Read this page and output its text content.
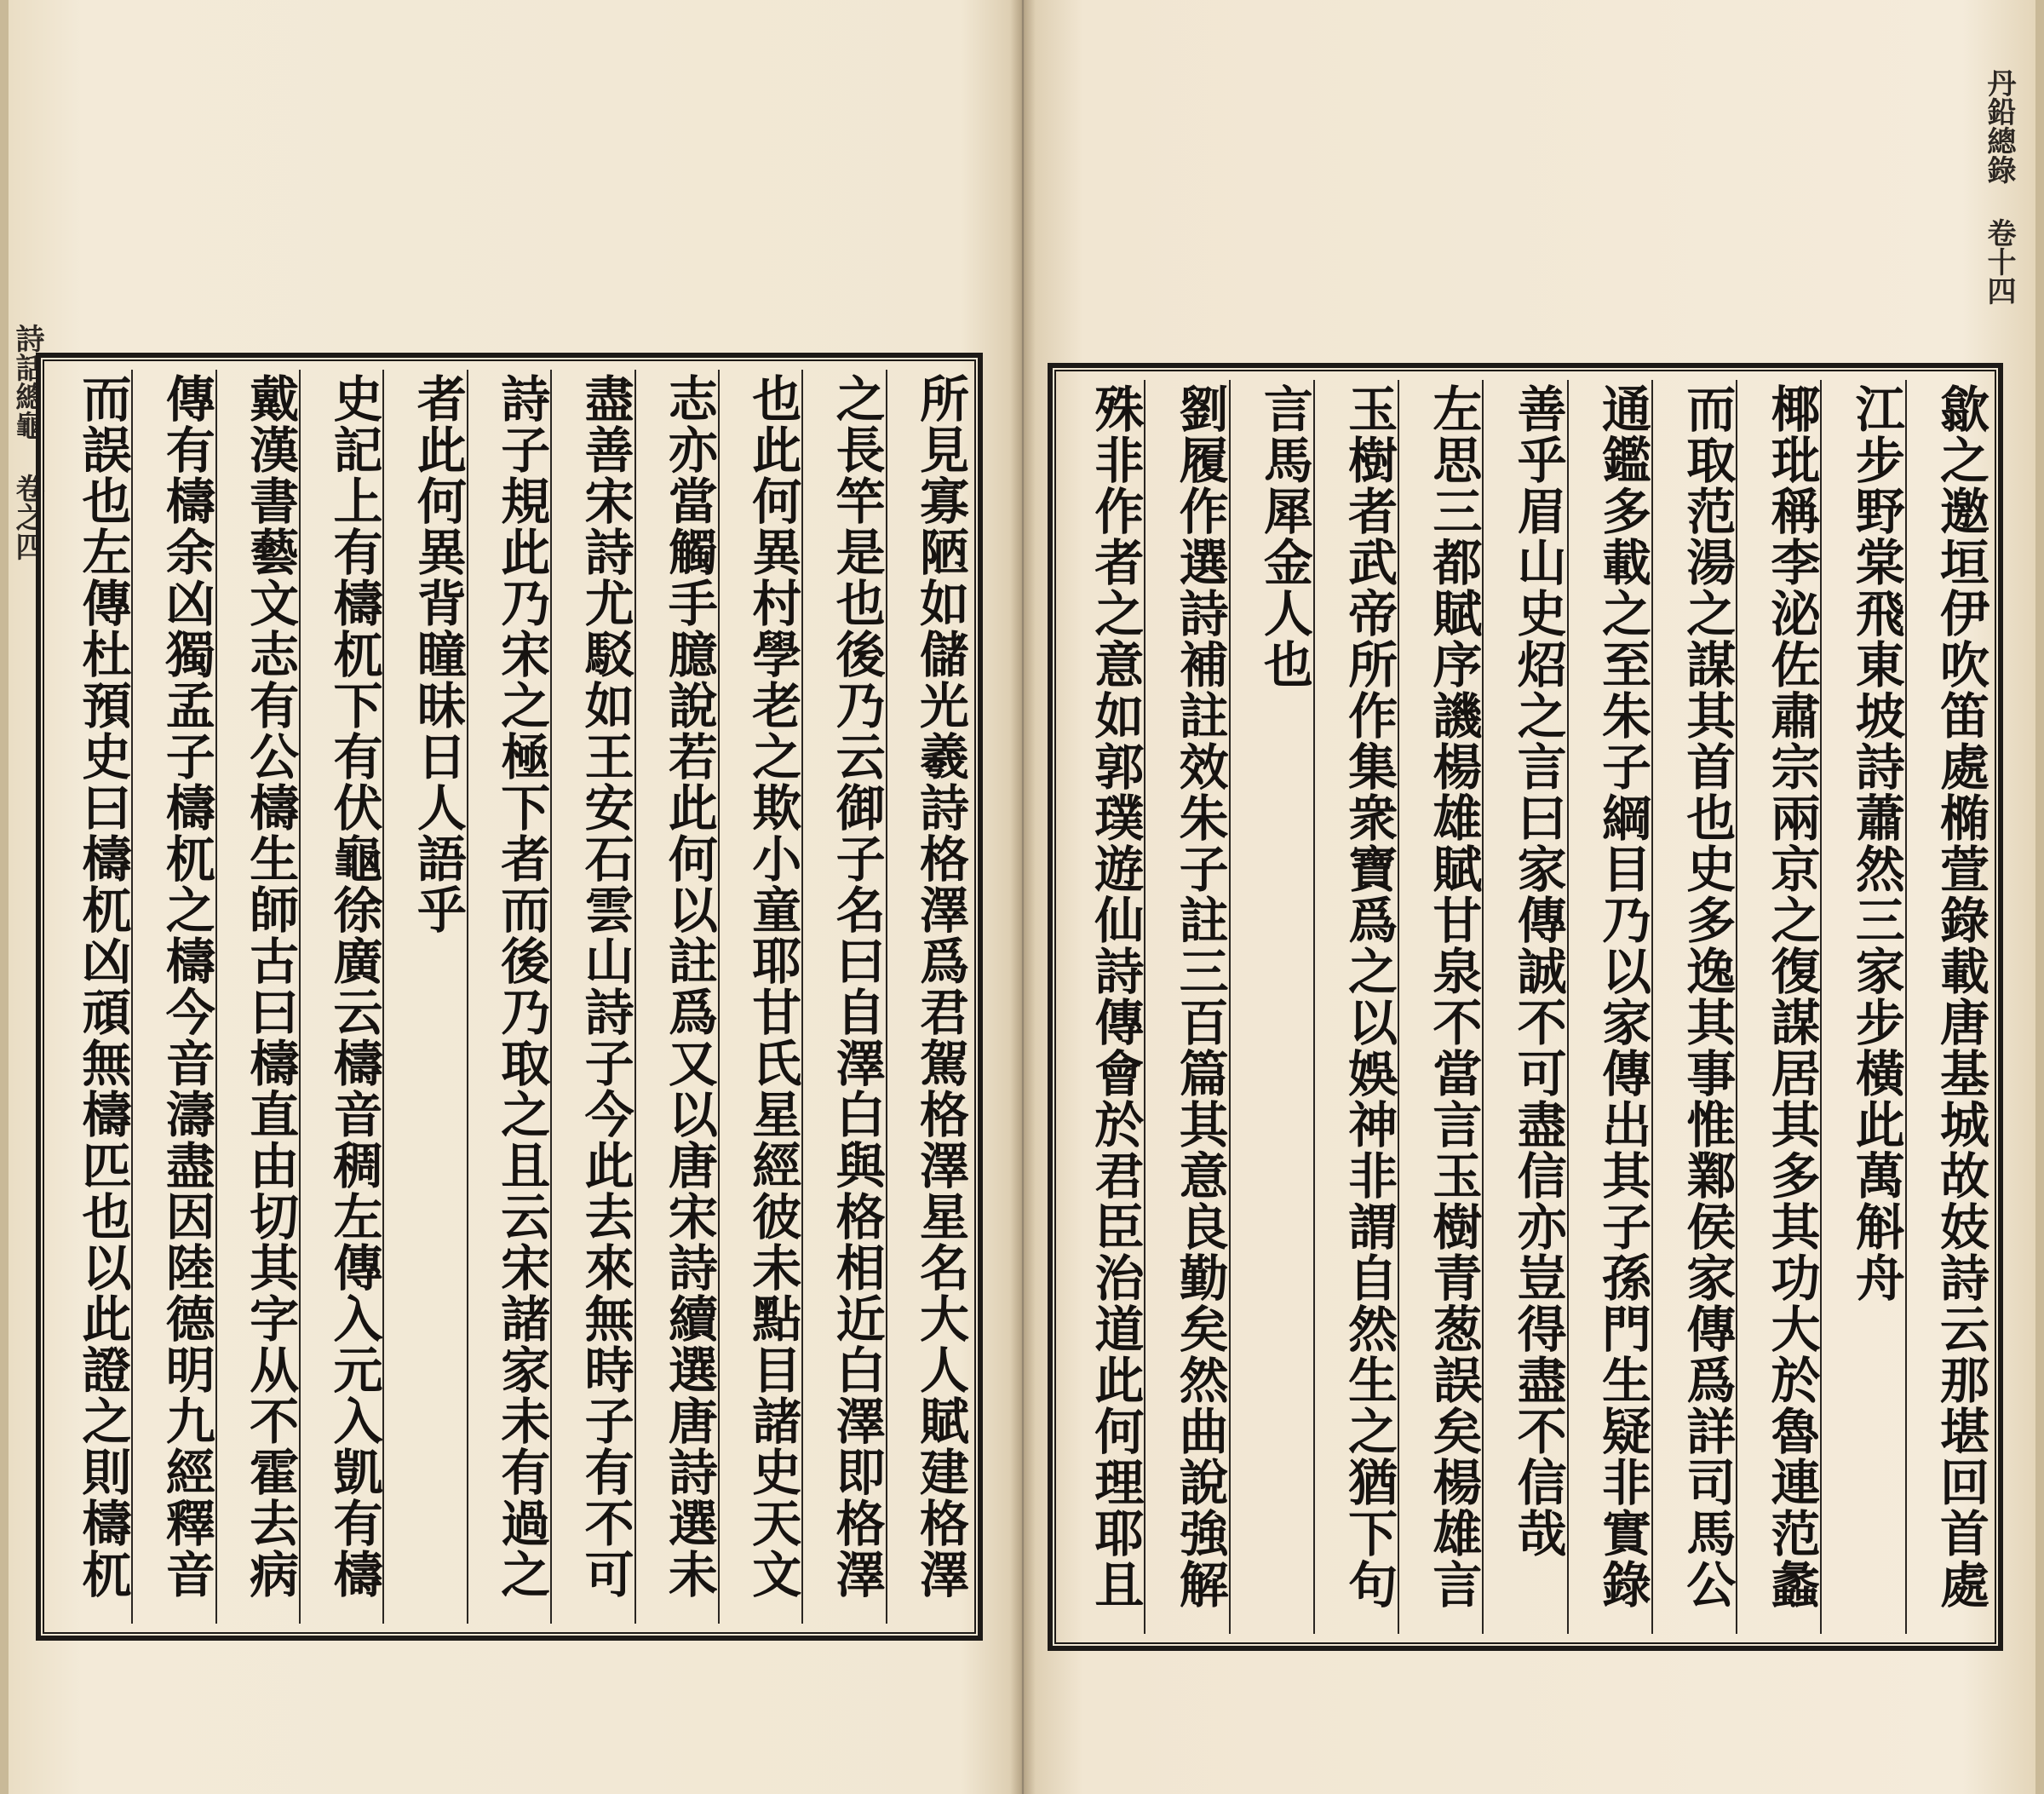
詩話總龜 卷之四	所見寡陋如儲光羲詩格澤爲君駕格澤星名大人賦建格澤
之長竿是也後乃云御子名曰自澤白與格相近白澤即格澤
也此何異村學老之欺小童耶甘氏星經彼未點目諸史天文
志亦當觸手臆說若此何以註爲又以唐宋詩續選唐詩選未
盡善宋詩尤駁如王安石雲山詩子今此去來無時子有不可
詩子規此乃宋之極下者而後乃取之且云宋諸家未有過之
者此何異背瞳昧日人語乎
史記上有檮杌下有伏龜徐廣云檮音稠左傳入元入凱有檮
戴漢書藝文志有公檮生師古曰檮直由切其字从不霍去病
傳有檮余凶獨孟子檮杌之檮今音濤盡因陸德明九經釋音
而誤也左傳杜預史曰檮杌凶頑無檮匹也以此證之則檮杌
丹鉛總錄 卷十四
歙之邀垣伊吹笛處椭萱錄載唐基城故妓詩云那堪回首處
江步野棠飛東坡詩蕭然三家步橫此萬斛舟
椰玭稱李泌佐肅宗兩京之復謀居其多其功大於魯連范蠡
而取范湯之謀其首也史多逸其事惟鄴侯家傳爲詳司馬公
通鑑多載之至朱子綱目乃以家傳出其子孫門生疑非實錄
善乎眉山史炤之言曰家傳誠不可盡信亦豈得盡不信哉
左思三都賦序譏楊雄賦甘泉不當言玉樹青葱誤矣楊雄言
玉樹者武帝所作集衆寶爲之以娛神非謂自然生之猶下句
言馬犀金人也
劉履作選詩補註效朱子註三百篇其意良勤矣然曲說強解
殊非作者之意如郭璞遊仙詩傳會於君臣治道此何理耶且
